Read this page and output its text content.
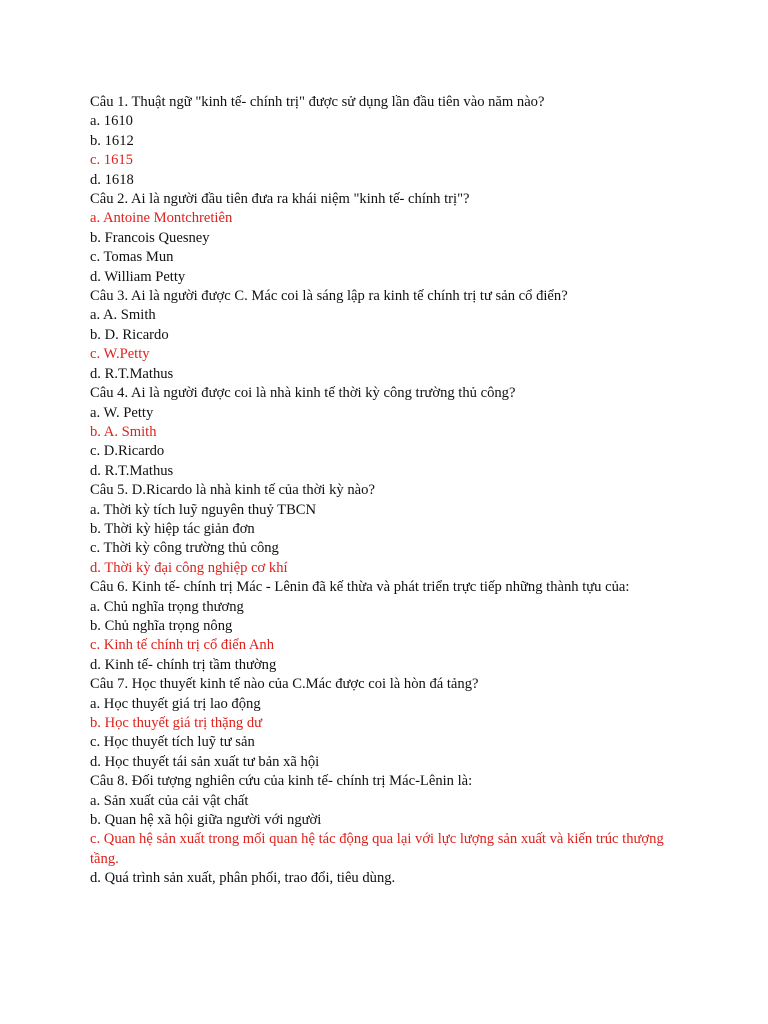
Câu 1. Thuật ngữ "kinh tế- chính trị" được sử dụng lần đầu tiên vào năm nào?

a. 1610

b. 1612

c. 1615

d. 1618

Câu 2. Ai là người đầu tiên đưa ra khái niệm "kinh tế- chính trị"?

a. Antoine Montchretiên

b. Francois Quesney

c. Tomas Mun

d. William Petty

Câu 3. Ai là người được C. Mác coi là sáng lập ra kinh tế chính trị tư sản cổ điển?

a. A. Smith

b. D. Ricardo

c. W.Petty

d. R.T.Mathus

Câu 4. Ai là người được coi là nhà kinh tế thời kỳ công trường thủ công?

a. W. Petty

b. A. Smith

c. D.Ricardo

d. R.T.Mathus

Câu 5. D.Ricardo là nhà kinh tế của thời kỳ nào?

a. Thời kỳ tích luỹ nguyên thuỷ TBCN

b. Thời kỳ hiệp tác giản đơn

c. Thời kỳ công trường thủ công

d. Thời kỳ đại công nghiệp cơ khí

Câu 6. Kinh tế- chính trị Mác - Lênin đã kế thừa và phát triển trực tiếp những thành tựu của:

a. Chủ nghĩa trọng thương

b. Chủ nghĩa trọng nông

c. Kinh tế chính trị cổ điển Anh

d. Kinh tế- chính trị tầm thường

Câu 7. Học thuyết kinh tế nào của C.Mác được coi là hòn đá tảng?

a. Học thuyết giá trị lao động

b. Học thuyết giá trị thặng dư

c. Học thuyết tích luỹ tư sản

d. Học thuyết tái sản xuất tư bản xã hội

Câu 8. Đối tượng nghiên cứu của kinh tế- chính trị Mác-Lênin là:

a. Sản xuất của cải vật chất

b. Quan hệ xã hội giữa người với người

c. Quan hệ sản xuất trong mối quan hệ tác động qua lại với lực lượng sản xuất và kiến trúc thượng tầng.

d. Quá trình sản xuất, phân phối, trao đổi, tiêu dùng.
